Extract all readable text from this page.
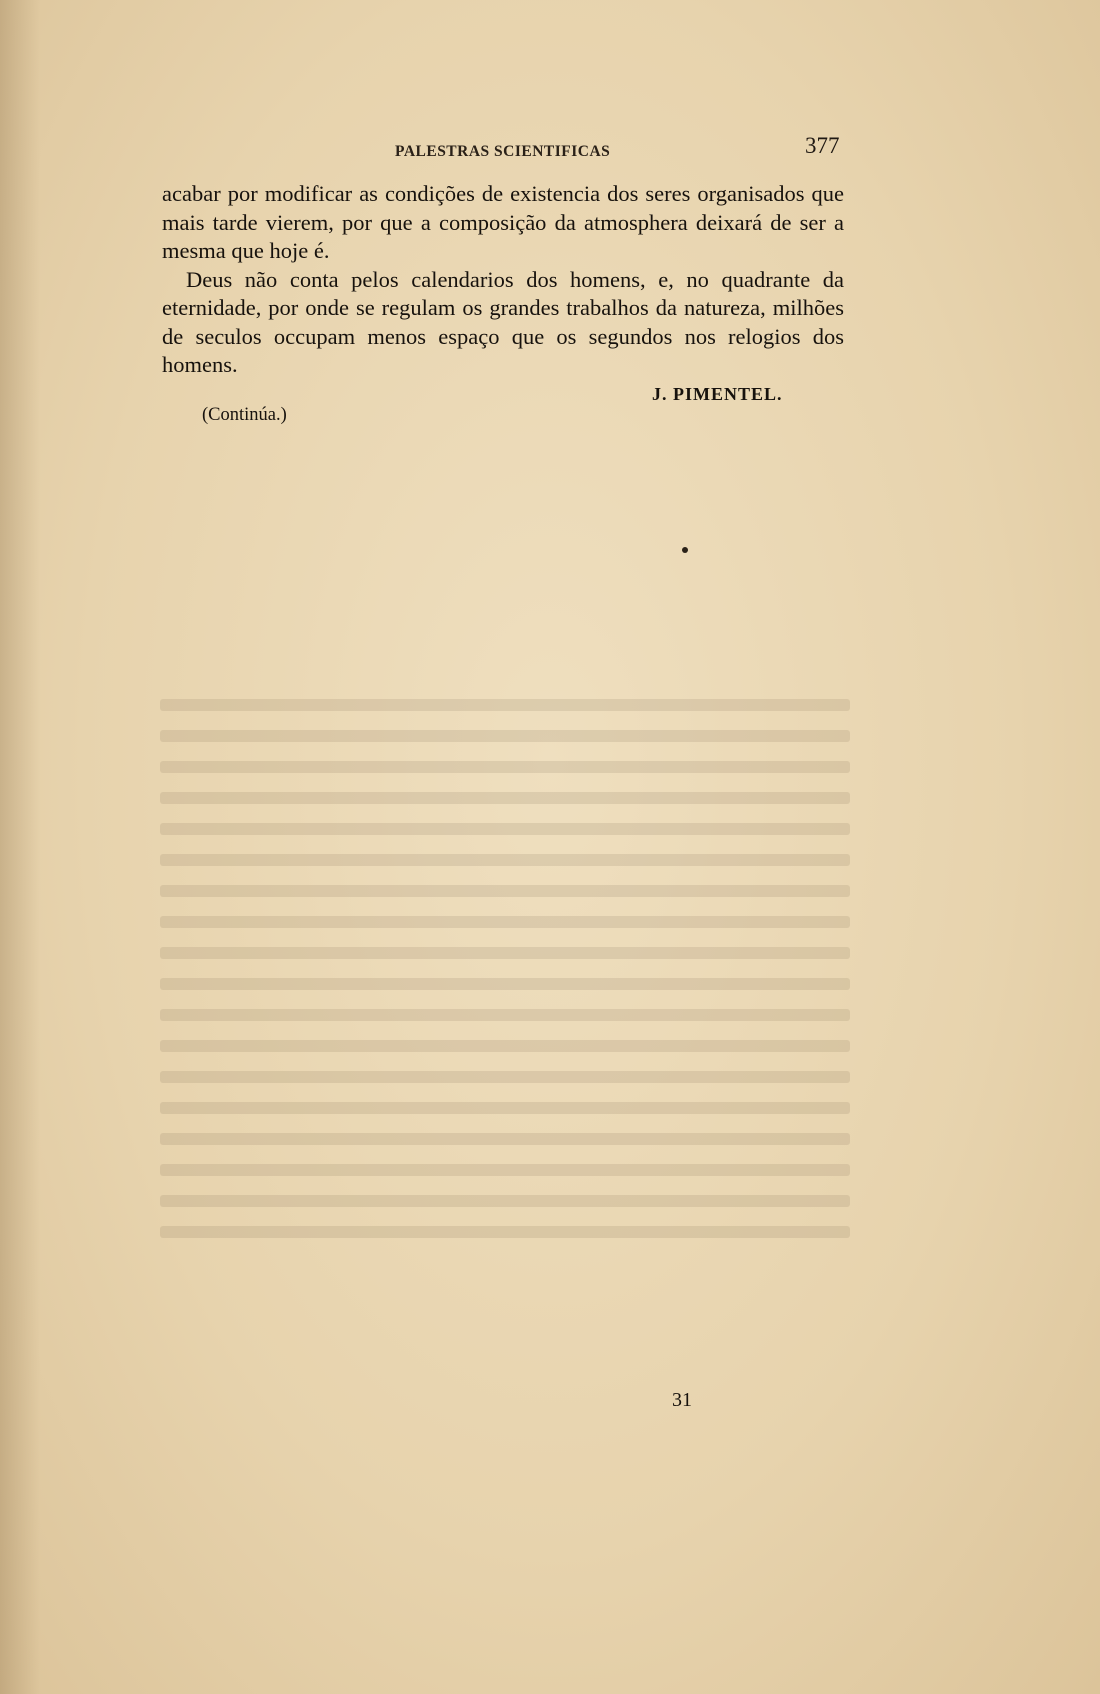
PALESTRAS SCIENTIFICAS	377

acabar por modificar as condições de existencia dos seres organisados que mais tarde vierem, por que a composição da atmosphera deixará de ser a mesma que hoje é.

Deus não conta pelos calendarios dos homens, e, no quadrante da eternidade, por onde se regulam os grandes trabalhos da natureza, milhões de seculos occupam menos espaço que os segundos nos relogios dos homens.

J. PIMENTEL.
(Continúa.)
31
